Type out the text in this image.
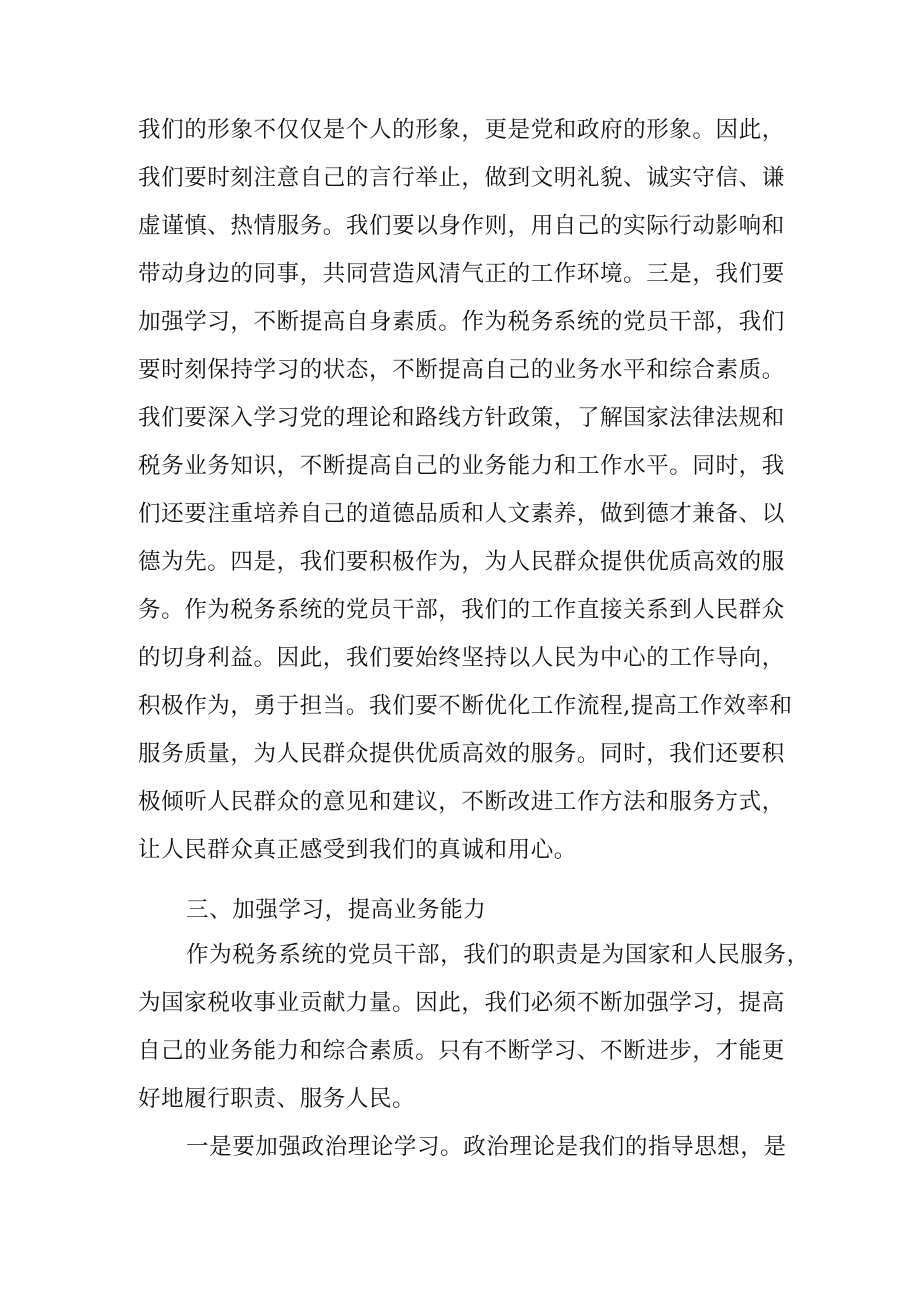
我们的形象不仅仅是个人的形象，更是党和政府的形象。因此，
我们要时刻注意自己的言行举止，做到文明礼貌、诚实守信、谦
虚谨慎、热情服务。我们要以身作则，用自己的实际行动影响和
带动身边的同事，共同营造风清气正的工作环境。三是，我们要
加强学习，不断提高自身素质。作为税务系统的党员干部，我们
要时刻保持学习的状态，不断提高自己的业务水平和综合素质。
我们要深入学习党的理论和路线方针政策，了解国家法律法规和
税务业务知识，不断提高自己的业务能力和工作水平。同时，我
们还要注重培养自己的道德品质和人文素养，做到德才兼备、以
德为先。四是，我们要积极作为，为人民群众提供优质高效的服
务。作为税务系统的党员干部，我们的工作直接关系到人民群众
的切身利益。因此，我们要始终坚持以人民为中心的工作导向，
积极作为，勇于担当。我们要不断优化工作流程,提高工作效率和
服务质量，为人民群众提供优质高效的服务。同时，我们还要积
极倾听人民群众的意见和建议，不断改进工作方法和服务方式，
让人民群众真正感受到我们的真诚和用心。
三、加强学习，提高业务能力
作为税务系统的党员干部，我们的职责是为国家和人民服务，
为国家税收事业贡献力量。因此，我们必须不断加强学习，提高
自己的业务能力和综合素质。只有不断学习、不断进步，才能更
好地履行职责、服务人民。
一是要加强政治理论学习。政治理论是我们的指导思想，是
